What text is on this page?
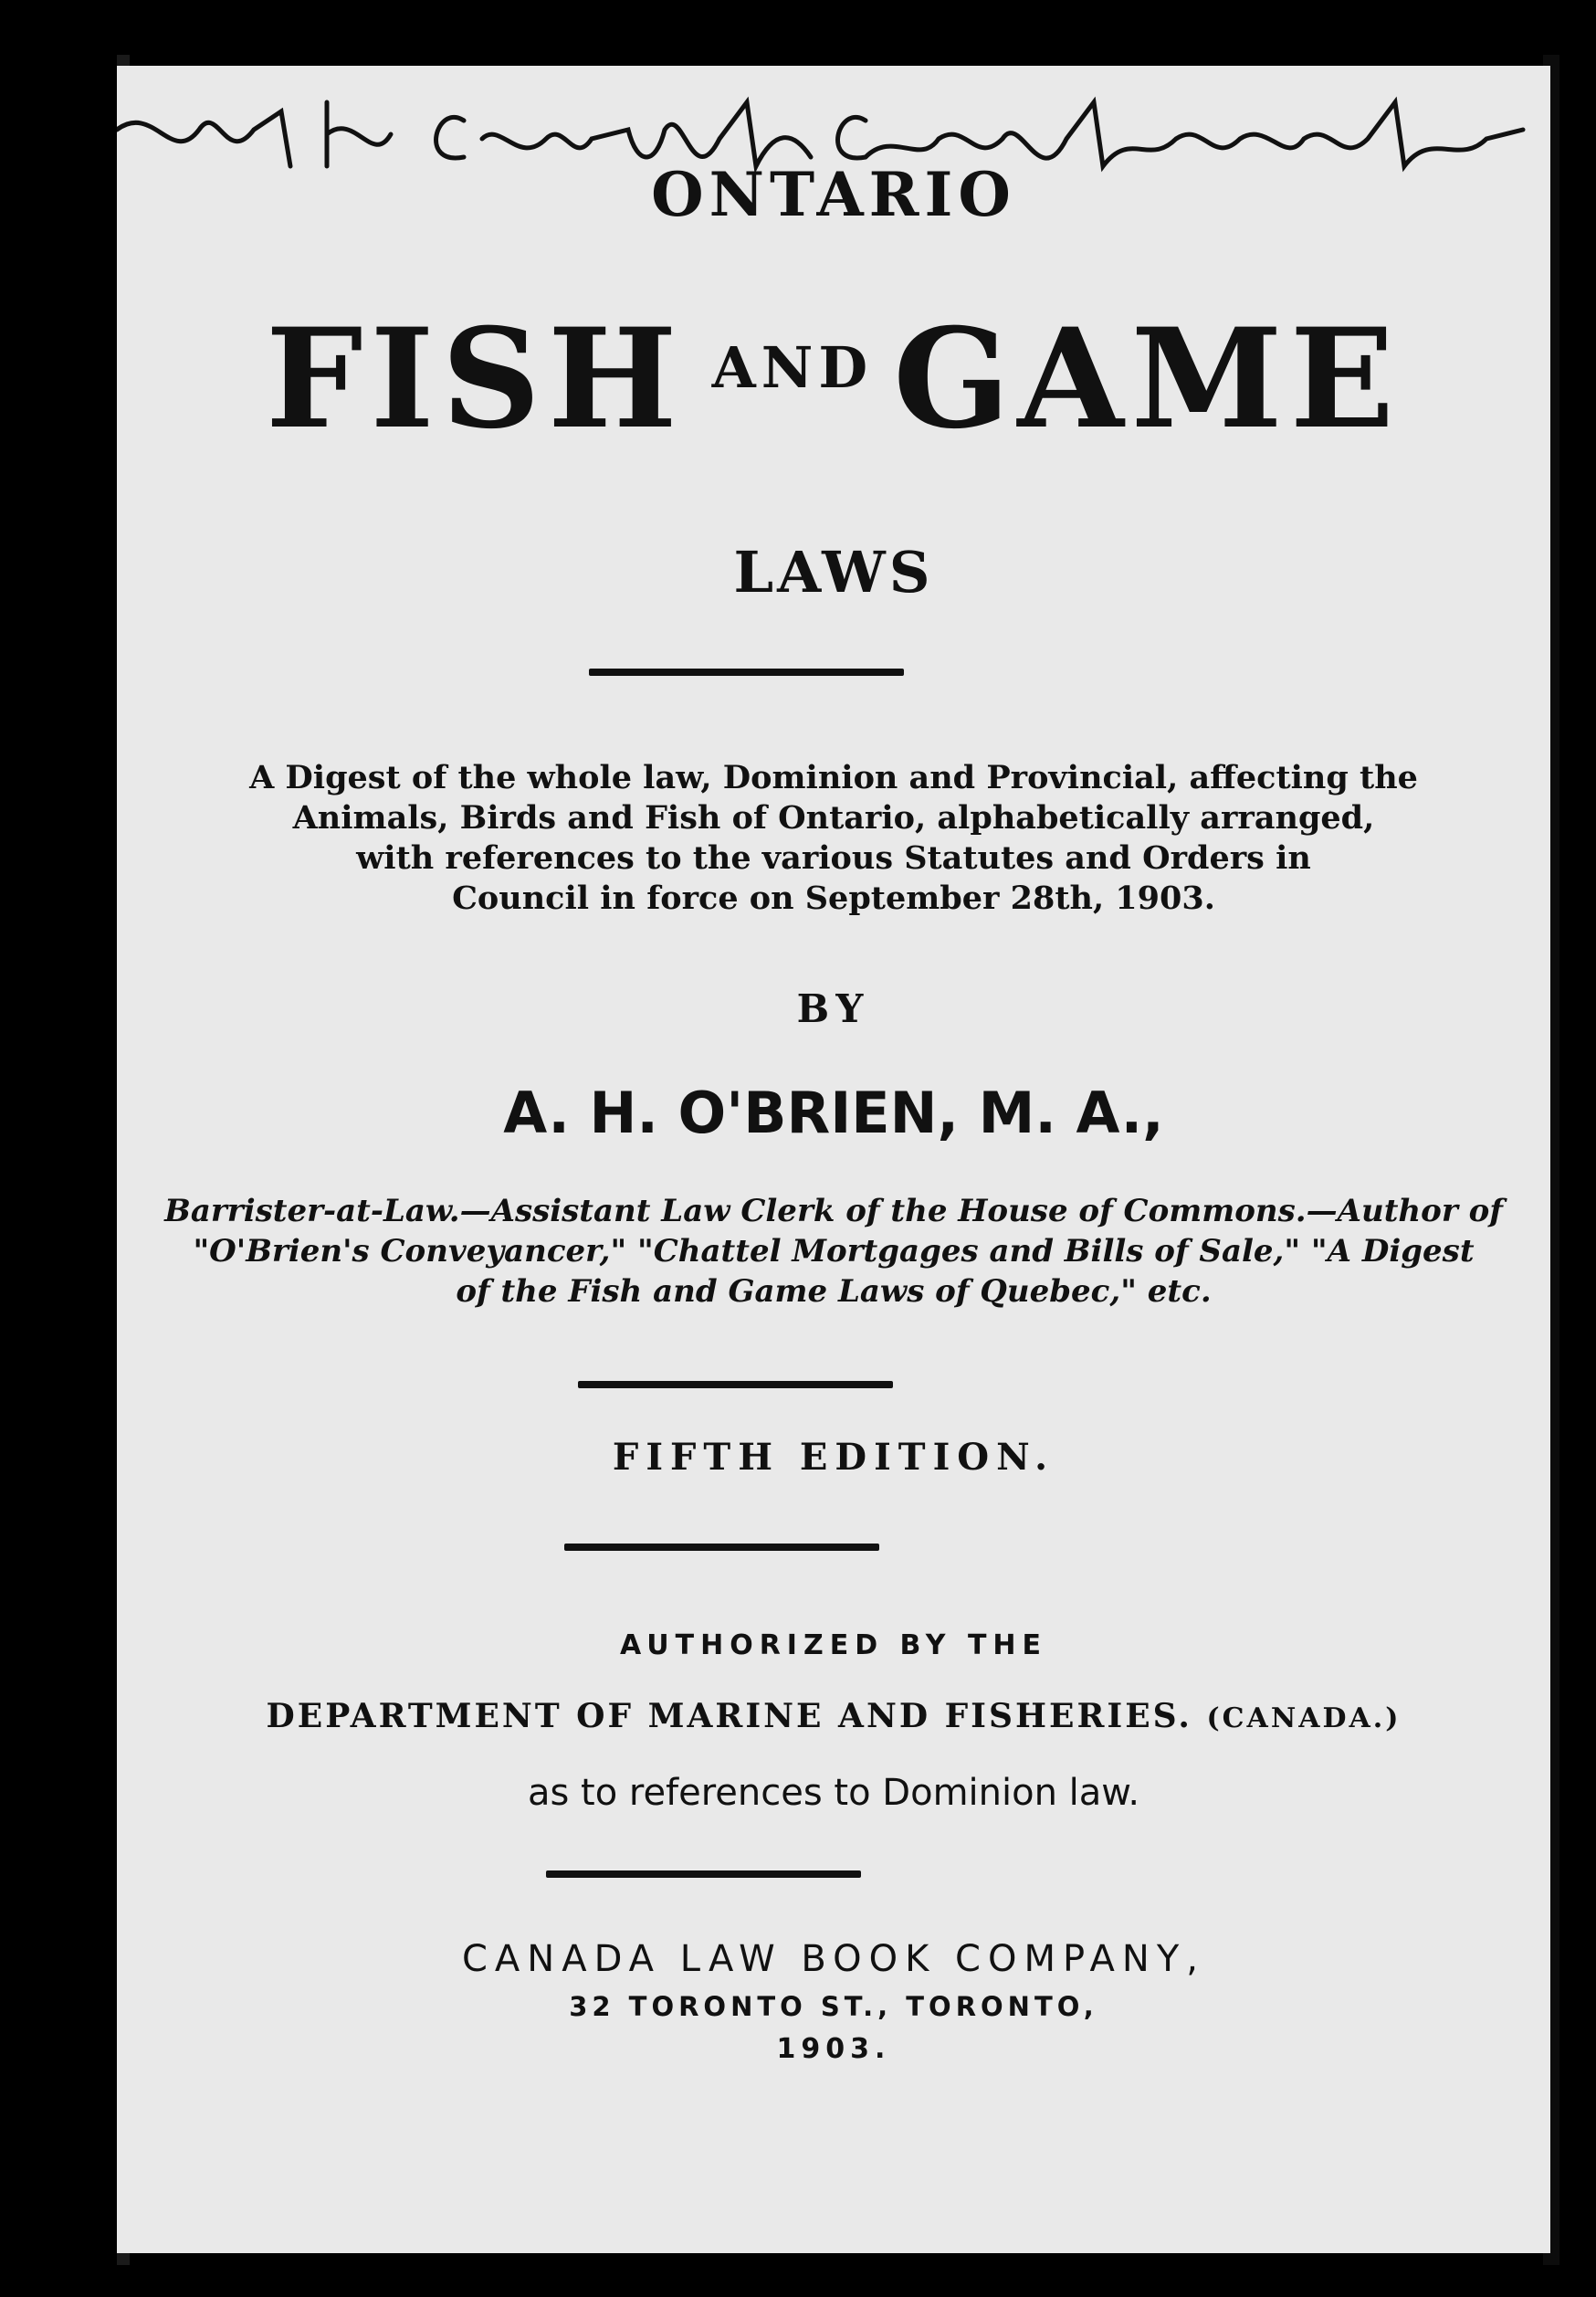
ONTARIO
FISH $^{AND}$ GAME
LAWS
A Digest of the whole law, Dominion and Provincial, affecting the
Animals, Birds and Fish of Ontario, alphabetically arranged,
with references to the various Statutes and Orders in
Council in force on September 28th, 1903.
BY
A. H. O'BRIEN, M. A.,
Barrister-at-Law.—Assistant Law Clerk of the House of Commons.—Author of
"O'Brien's Conveyancer," "Chattel Mortgages and Bills of Sale," "A Digest
of the Fish and Game Laws of Quebec," etc.
FIFTH EDITION.
AUTHORIZED BY THE
DEPARTMENT OF MARINE AND FISHERIES. (CANADA.)
as to references to Dominion law.
CANADA LAW BOOK COMPANY,
32 TORONTO ST., TORONTO,
1903.
